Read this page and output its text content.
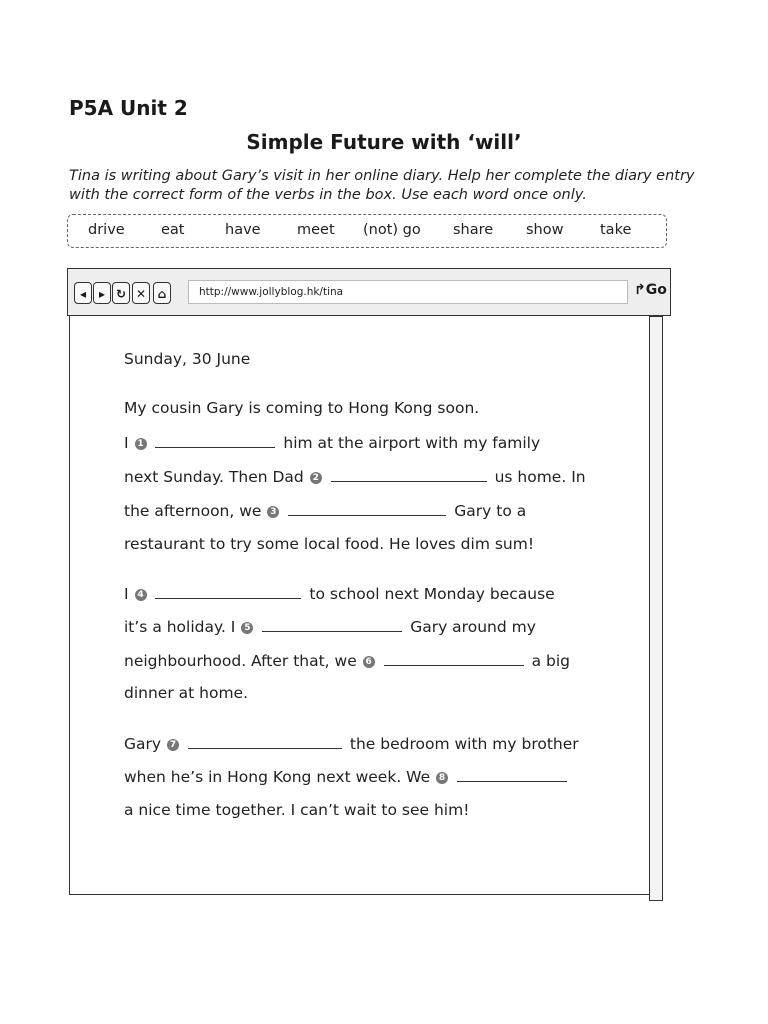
P5A Unit 2
Simple Future with ‘will’
Tina is writing about Gary’s visit in her online diary. Help her complete the diary entry
with the correct form of the verbs in the box. Use each word once only.
drive	eat	have	meet (not) go share show	take
◂	▸ ↻ ✕ ⌂	http://www.jollyblog.hk/tina	↱Go
Sunday, 30 June
My cousin Gary is coming to Hong Kong soon.
I 1	him at the airport with my family
next Sunday. Then Dad 2	us home. In
the afternoon, we 3	Gary to a
restaurant to try some local food. He loves dim sum!
I 4	to school next Monday because
it’s a holiday. I 5	Gary around my
neighbourhood. After that, we 6	a big
dinner at home.
Gary 7	the bedroom with my brother
when he’s in Hong Kong next week. We 8
a nice time together. I can’t wait to see him!
